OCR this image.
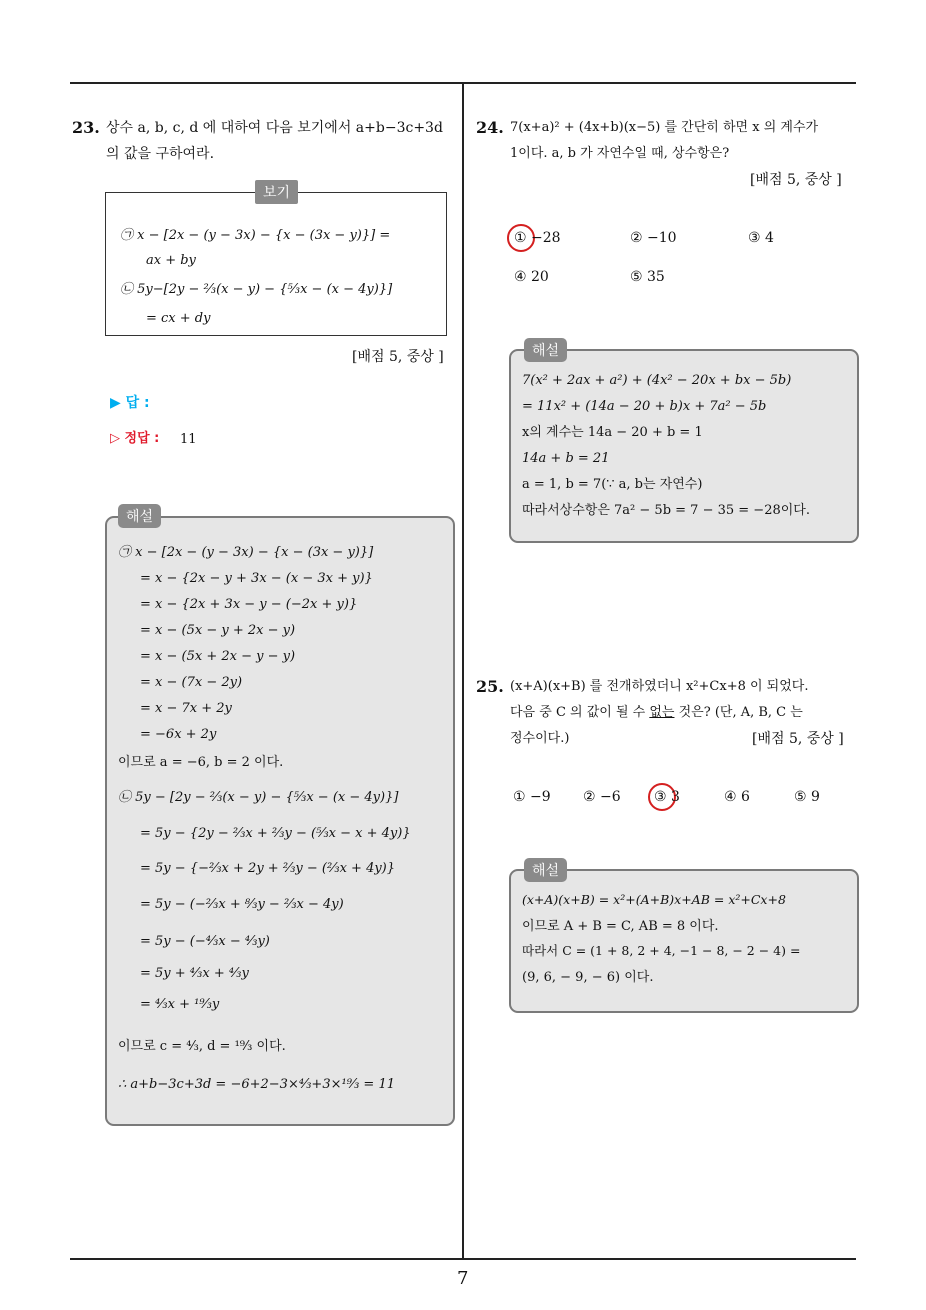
7
23. 상수 a, b, c, d 에 대하여 다음 보기에서 a+b−3c+3d
의 값을 구하여라.
보기
㉠ x − [2x − (y − 3x) − {x − (3x − y)}] =
ax + by
㉡ 5y−[2y − ²⁄₃(x − y) − {⁵⁄₃x − (x − 4y)}]
= cx + dy
[배점 5, 중상 ]
▶ 답 :
▷ 정답 : 11
해설
㉠ x − [2x − (y − 3x) − {x − (3x − y)}]
= x − {2x − y + 3x − (x − 3x + y)}
= x − {2x + 3x − y − (−2x + y)}
= x − (5x − y + 2x − y)
= x − (5x + 2x − y − y)
= x − (7x − 2y)
= x − 7x + 2y
= −6x + 2y
이므로 a = −6, b = 2 이다.
㉡ 5y − [2y − ²⁄₃(x − y) − {⁵⁄₃x − (x − 4y)}]
= 5y − {2y − ²⁄₃x + ²⁄₃y − (⁵⁄₃x − x + 4y)}
= 5y − {−²⁄₃x + 2y + ²⁄₃y − (²⁄₃x + 4y)}
= 5y − (−²⁄₃x + ⁸⁄₃y − ²⁄₃x − 4y)
= 5y − (−⁴⁄₃x − ⁴⁄₃y)
= 5y + ⁴⁄₃x + ⁴⁄₃y
= ⁴⁄₃x + ¹⁹⁄₃y
이므로 c = ⁴⁄₃, d = ¹⁹⁄₃ 이다.
∴ a+b−3c+3d = −6+2−3×⁴⁄₃+3×¹⁹⁄₃ = 11
24. 7(x+a)² + (4x+b)(x−5) 를 간단히 하면 x 의 계수가
1이다. a, b 가 자연수일 때, 상수항은?
[배점 5, 중상 ]
① −28	② −10	③ 4
④ 20	⑤ 35
해설
7(x² + 2ax + a²) + (4x² − 20x + bx − 5b)
= 11x² + (14a − 20 + b)x + 7a² − 5b
x의 계수는 14a − 20 + b = 1
14a + b = 21
a = 1, b = 7(∵ a, b는 자연수)
따라서상수항은 7a² − 5b = 7 − 35 = −28이다.
25. (x+A)(x+B) 를 전개하였더니 x²+Cx+8 이 되었다.
다음 중 C 의 값이 될 수 없는 것은? (단, A, B, C 는
정수이다.)	[배점 5, 중상 ]
① −9 ② −6 ③ 3	④ 6	⑤ 9
해설
(x+A)(x+B) = x²+(A+B)x+AB = x²+Cx+8
이므로 A + B = C, AB = 8 이다.
따라서 C = (1 + 8, 2 + 4, −1 − 8, − 2 − 4) =
(9, 6, − 9, − 6) 이다.
